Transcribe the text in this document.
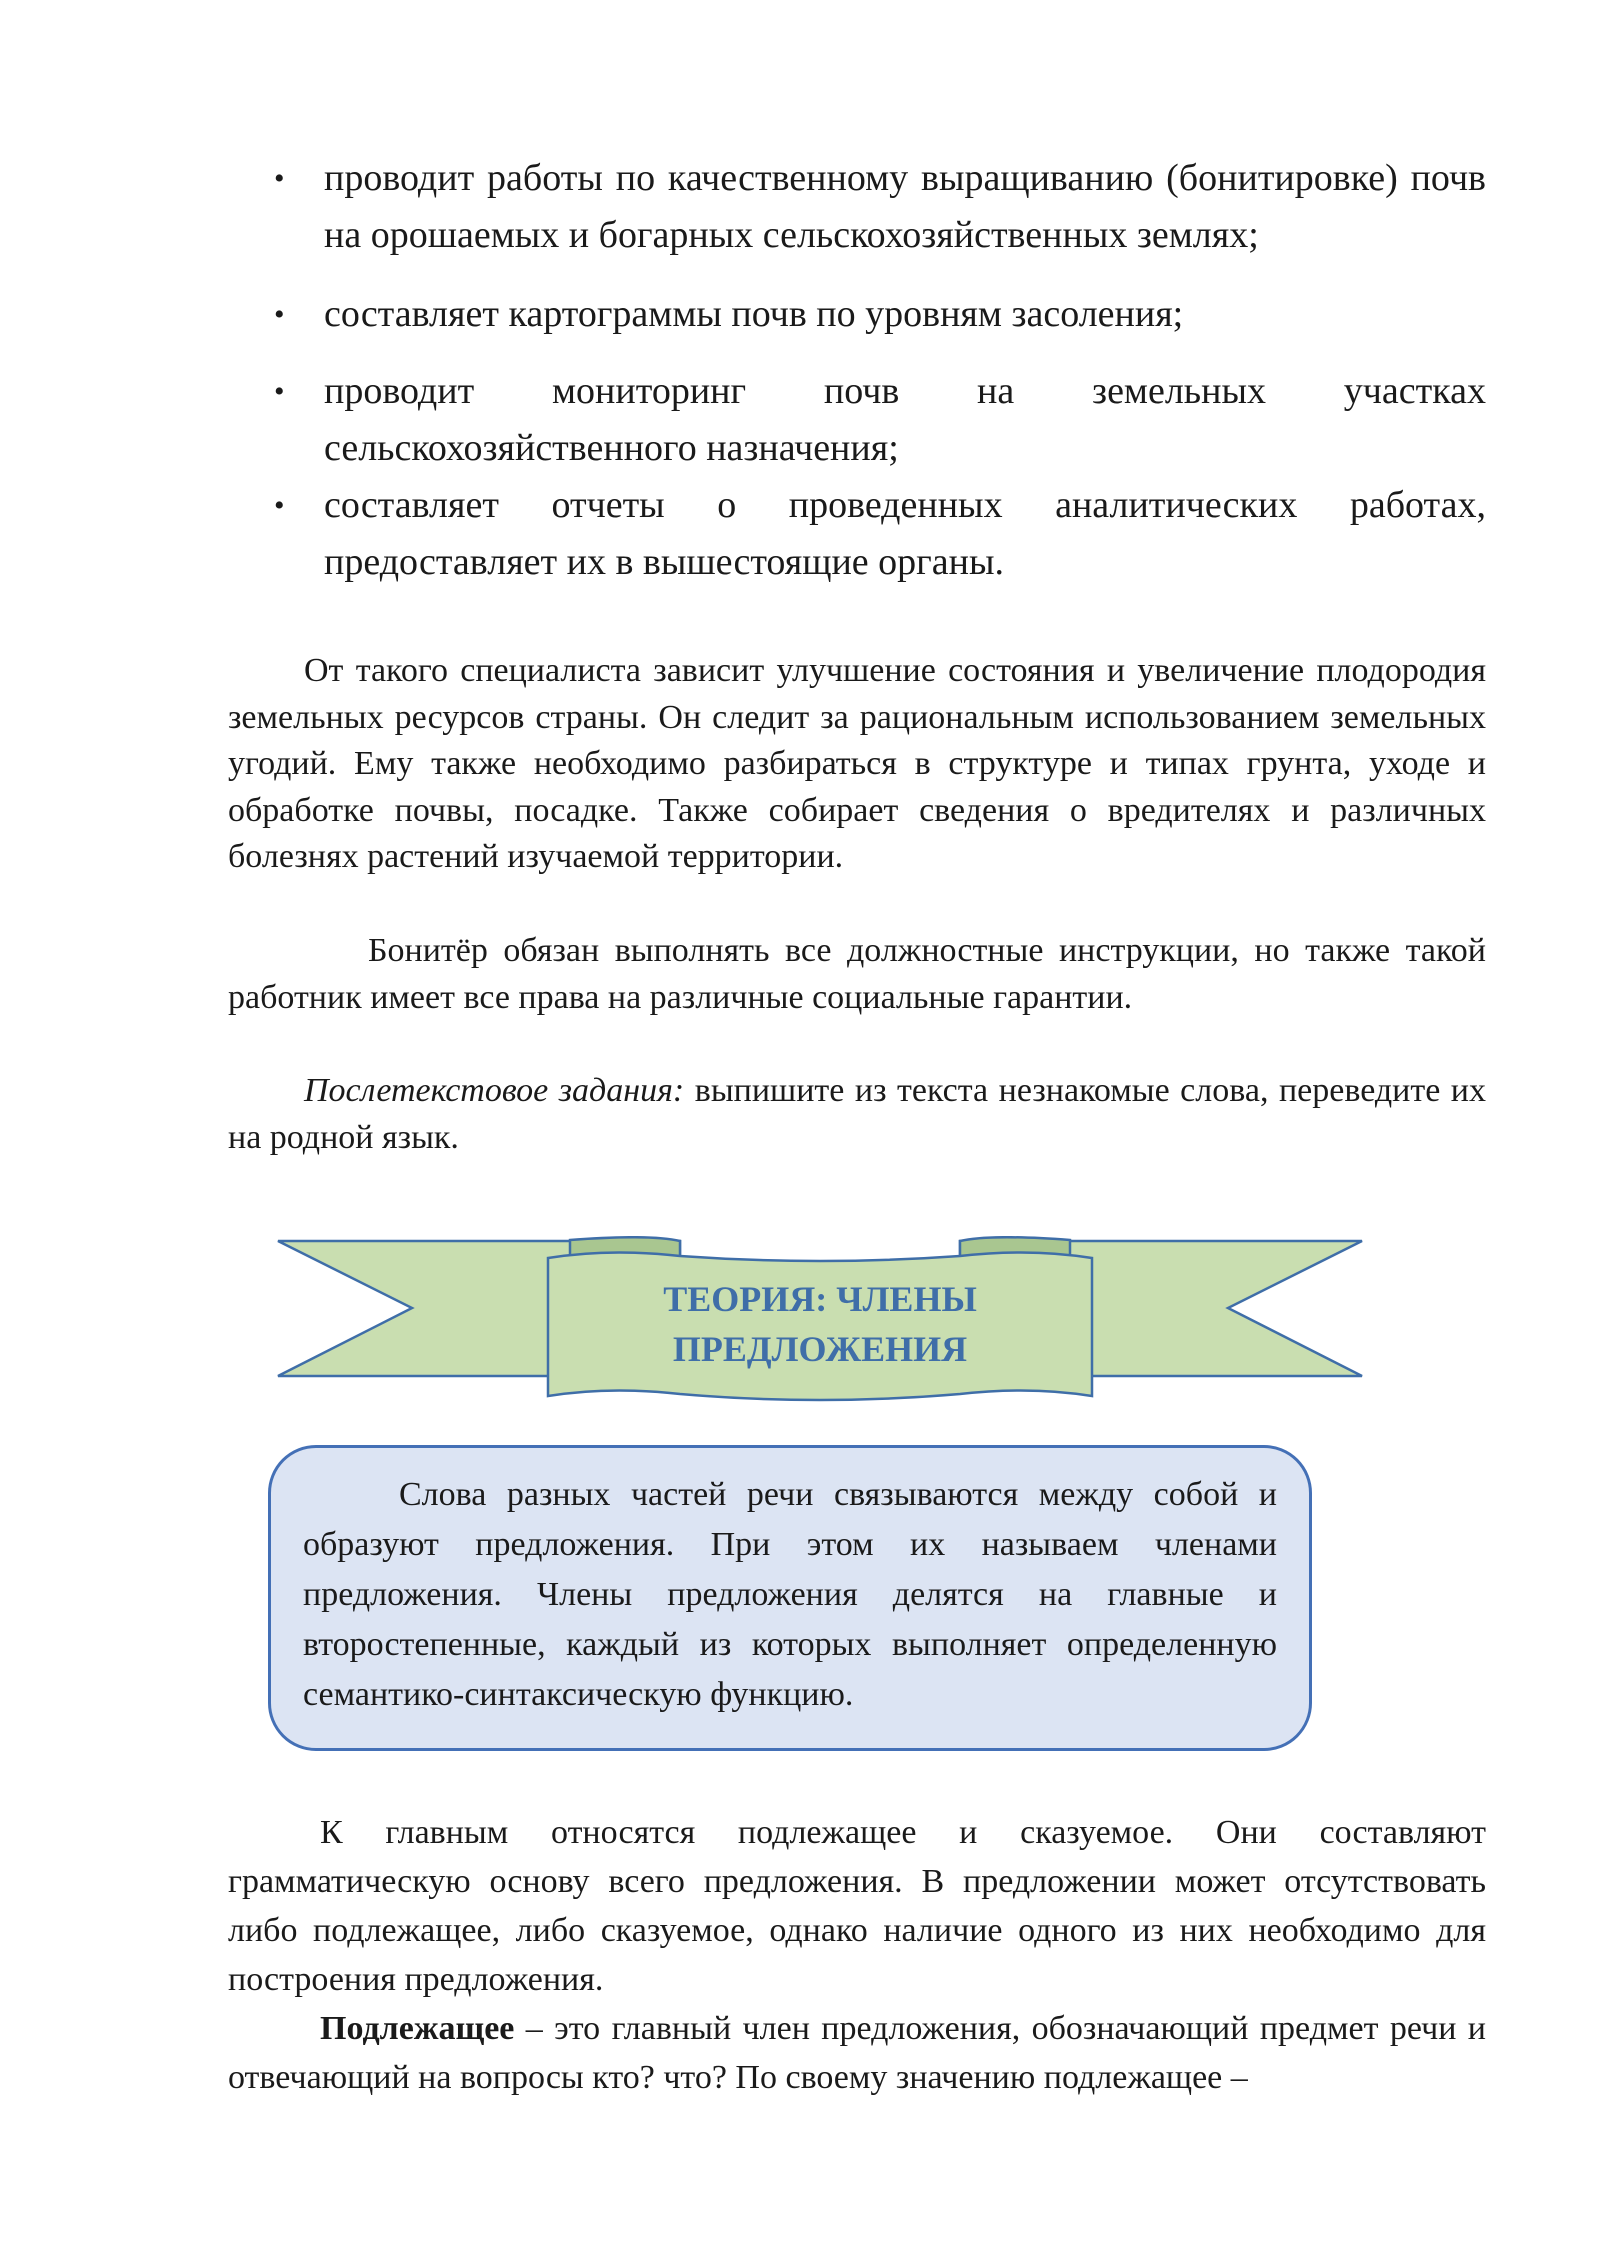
• проводит работы по качественному выращиванию (бонитировке) почв на орошаемых и богарных сельскохозяйственных землях;
• составляет картограммы почв по уровням засоления;
• проводит мониторинг почв на земельных участках сельскохозяйственного назначения;
• составляет отчеты о проведенных аналитических работах, предоставляет их в вышестоящие органы.

От такого специалиста зависит улучшение состояния и увеличение плодородия земельных ресурсов страны. Он следит за рациональным использованием земельных угодий. Ему также необходимо разбираться в структуре и типах грунта, уходе и обработке почвы, посадке. Также собирает сведения о вредителях и различных болезнях растений изучаемой территории.

Бонитёр обязан выполнять все должностные инструкции, но также такой работник имеет все права на различные социальные гарантии.

Послетекстовое задания: выпишите из текста незнакомые слова, переведите их на родной язык.

ТЕОРИЯ: ЧЛЕНЫ
ПРЕДЛОЖЕНИЯ

Слова разных частей речи связываются между собой и образуют предложения. При этом их называем членами предложения. Члены предложения делятся на главные и второстепенные, каждый из которых выполняет определенную семантико-синтаксическую функцию.

К главным относятся подлежащее и сказуемое. Они составляют грамматическую основу всего предложения. В предложении может отсутствовать либо подлежащее, либо сказуемое, однако наличие одного из них необходимо для построения предложения.

Подлежащее – это главный член предложения, обозначающий предмет речи и отвечающий на вопросы кто? что? По своему значению подлежащее –
